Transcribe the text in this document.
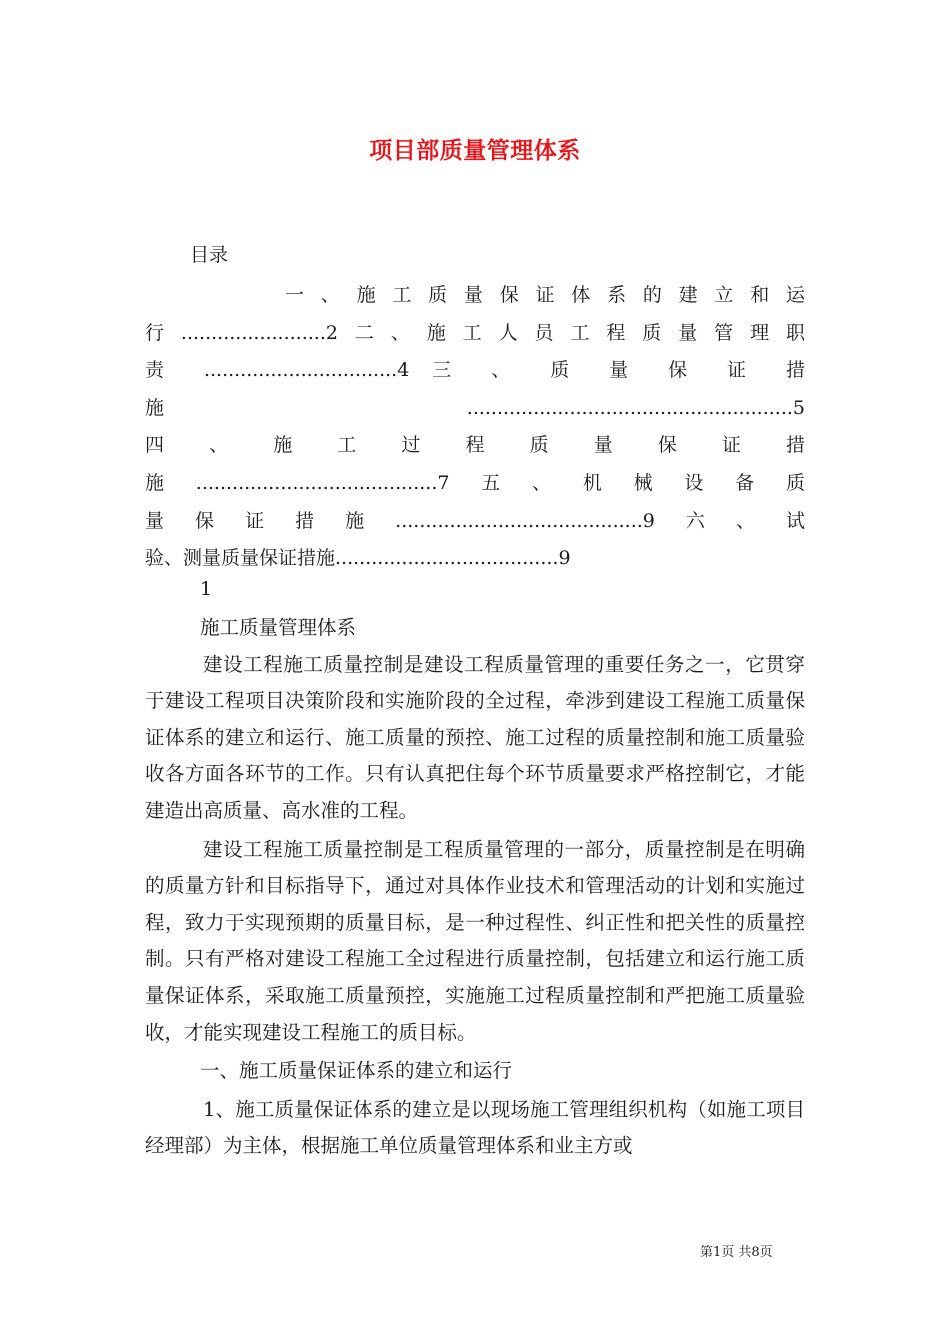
项目部质量管理体系
目录
一 、 施 工 质 量 保 证 体 系 的 建 立 和 运
行........................2二、施工人员工程质量管理职
责 ................................4 三 、 质 量 保 证 措
施 ......................................................5
四 、 施 工 过 程 质 量 保 证 措
施........................................7五、机械设备质
量保证措施.........................................9六、试
验、测量质量保证措施.....................................9
1

施工质量管理体系

建设工程施工质量控制是建设工程质量管理的重要任务之一，它贯穿于建设工程项目决策阶段和实施阶段的全过程，牵涉到建设工程施工质量保证体系的建立和运行、施工质量的预控、施工过程的质量控制和施工质量验收各方面各环节的工作。只有认真把住每个环节质量要求严格控制它，才能建造出高质量、高水准的工程。

建设工程施工质量控制是工程质量管理的一部分，质量控制是在明确的质量方针和目标指导下，通过对具体作业技术和管理活动的计划和实施过程，致力于实现预期的质量目标，是一种过程性、纠正性和把关性的质量控制。只有严格对建设工程施工全过程进行质量控制，包括建立和运行施工质量保证体系，采取施工质量预控，实施施工过程质量控制和严把施工质量验收，才能实现建设工程施工的质目标。

一、施工质量保证体系的建立和运行

1、施工质量保证体系的建立是以现场施工管理组织机构（如施工项目经理部）为主体，根据施工单位质量管理体系和业主方或

第1页 共8页
